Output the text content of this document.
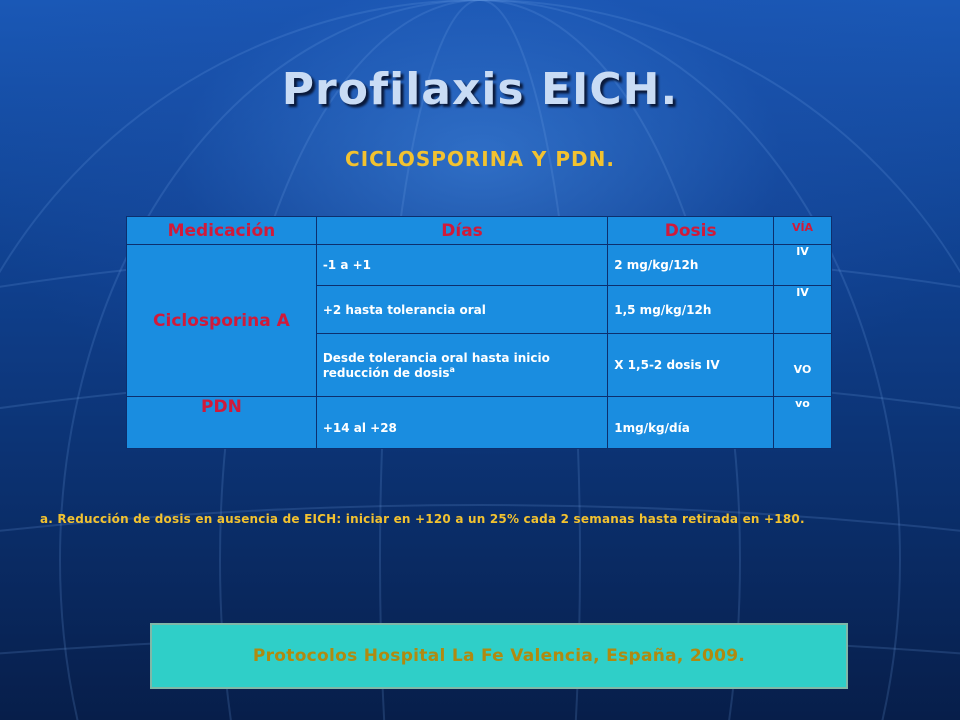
Profilaxis EICH.
CICLOSPORINA Y PDN.
Medicación	Días	Dosis	VÍA
Ciclosporina A	-1 a +1	2 mg/kg/12h	IV
	+2 hasta tolerancia oral	1,5 mg/kg/12h	IV
	Desde tolerancia oral hasta inicio reducción de dosis$^a$	X 1,5-2 dosis IV	VO
PDN	+14 al +28	1mg/kg/día	vo
a. Reducción de dosis en ausencia de EICH: iniciar en +120 a un 25% cada 2 semanas hasta retirada en +180.
Protocolos Hospital La Fe Valencia, España, 2009.
